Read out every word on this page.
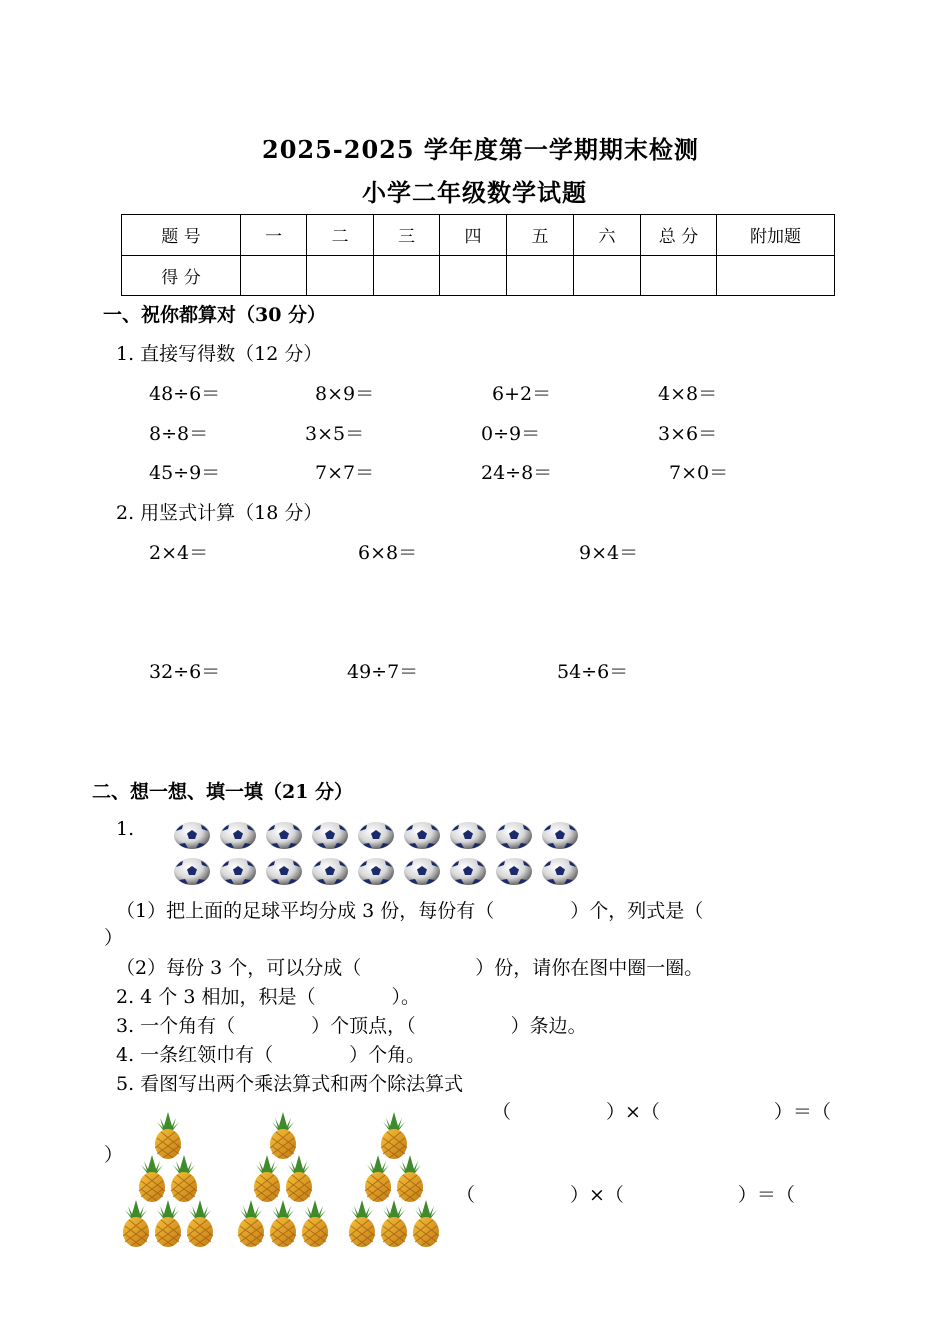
2025-2025 学年度第一学期期末检测
小学二年级数学试题
题 号	一	二	三	四	五	六	总 分	附加题
得 分								
一、祝你都算对（30 分）
1. 直接写得数（12 分）
48÷6＝	8×9＝	6+2＝	4×8＝
8÷8＝	3×5＝	0÷9＝	3×6＝
45÷9＝	7×7＝	24÷8＝	7×0＝
2. 用竖式计算（18 分）
2×4＝	6×8＝	9×4＝
32÷6＝	49÷7＝	54÷6＝
二、想一想、填一填（21 分）
1.
（1）把上面的足球平均分成 3 份，每份有（　　　　）个，列式是（
）
（2）每份 3 个，可以分成（　　　　　　）份，请你在图中圈一圈。
2. 4 个 3 相加，积是（　　　　）。
3. 一个角有（　　　　）个顶点，（　　　　　）条边。
4. 一条红领巾有（　　　　）个角。
5. 看图写出两个乘法算式和两个除法算式
（　　　　　）×（　　　　　　）＝（
）
（　　　　　）×（　　　　　　）＝（
